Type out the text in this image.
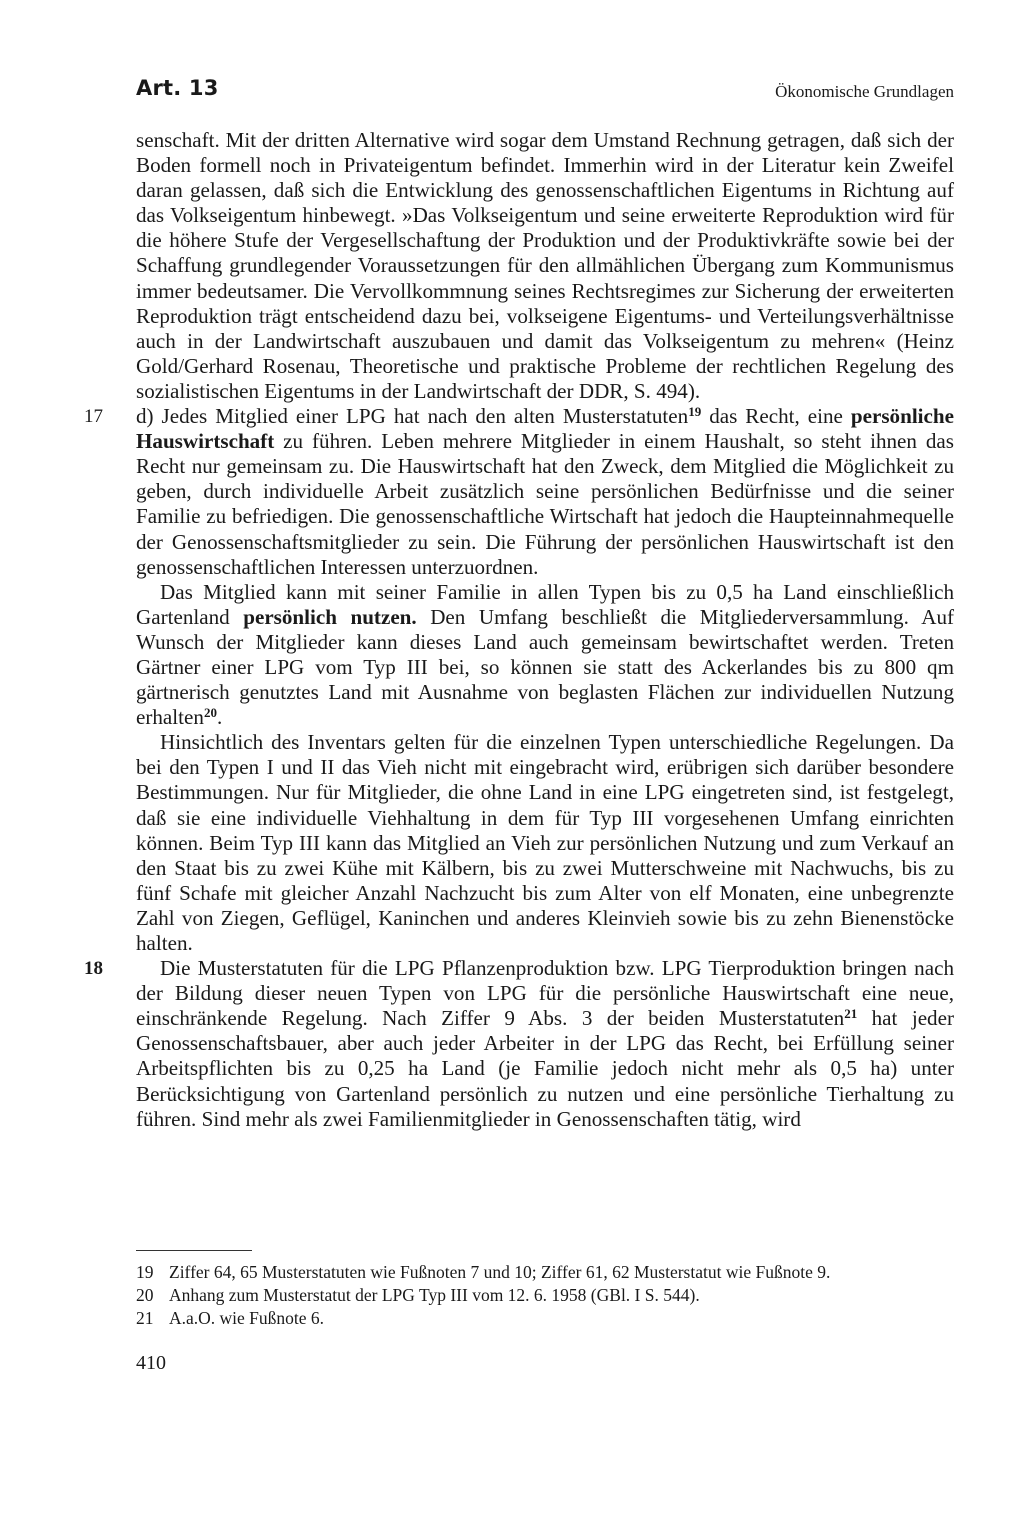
Art. 13	Ökonomische Grundlagen

senschaft. Mit der dritten Alternative wird sogar dem Umstand Rechnung getragen, daß sich der Boden formell noch in Privateigentum befindet. Immerhin wird in der Literatur kein Zweifel daran gelassen, daß sich die Entwicklung des genossenschaftlichen Eigentums in Richtung auf das Volkseigentum hinbewegt. »Das Volkseigentum und seine erweiterte Reproduktion wird für die höhere Stufe der Vergesellschaftung der Produktion und der Produktivkräfte sowie bei der Schaffung grundlegender Voraussetzungen für den allmählichen Übergang zum Kommunismus immer bedeutsamer. Die Vervollkommnung seines Rechtsregimes zur Sicherung der erweiterten Reproduktion trägt entscheidend dazu bei, volkseigene Eigentums- und Verteilungsverhältnisse auch in der Landwirtschaft auszubauen und damit das Volkseigentum zu mehren« (Heinz Gold/Gerhard Rosenau, Theoretische und praktische Probleme der rechtlichen Regelung des sozialistischen Eigentums in der Landwirtschaft der DDR, S. 494).

17 d) Jedes Mitglied einer LPG hat nach den alten Musterstatuten$^{19}$ das Recht, eine persönliche Hauswirtschaft zu führen. Leben mehrere Mitglieder in einem Haushalt, so steht ihnen das Recht nur gemeinsam zu. Die Hauswirtschaft hat den Zweck, dem Mitglied die Möglichkeit zu geben, durch individuelle Arbeit zusätzlich seine persönlichen Bedürfnisse und die seiner Familie zu befriedigen. Die genossenschaftliche Wirtschaft hat jedoch die Haupteinnahmequelle der Genossenschaftsmitglieder zu sein. Die Führung der persönlichen Hauswirtschaft ist den genossenschaftlichen Interessen unterzuordnen.

Das Mitglied kann mit seiner Familie in allen Typen bis zu 0,5 ha Land einschließlich Gartenland persönlich nutzen. Den Umfang beschließt die Mitgliederversammlung. Auf Wunsch der Mitglieder kann dieses Land auch gemeinsam bewirtschaftet werden. Treten Gärtner einer LPG vom Typ III bei, so können sie statt des Ackerlandes bis zu 800 qm gärtnerisch genutztes Land mit Ausnahme von beglasten Flächen zur individuellen Nutzung erhalten$^{20}$.

Hinsichtlich des Inventars gelten für die einzelnen Typen unterschiedliche Regelungen. Da bei den Typen I und II das Vieh nicht mit eingebracht wird, erübrigen sich darüber besondere Bestimmungen. Nur für Mitglieder, die ohne Land in eine LPG eingetreten sind, ist festgelegt, daß sie eine individuelle Viehhaltung in dem für Typ III vorgesehenen Umfang einrichten können. Beim Typ III kann das Mitglied an Vieh zur persönlichen Nutzung und zum Verkauf an den Staat bis zu zwei Kühe mit Kälbern, bis zu zwei Mutterschweine mit Nachwuchs, bis zu fünf Schafe mit gleicher Anzahl Nachzucht bis zum Alter von elf Monaten, eine unbegrenzte Zahl von Ziegen, Geflügel, Kaninchen und anderes Kleinvieh sowie bis zu zehn Bienenstöcke halten.

18	Die Musterstatuten für die LPG Pflanzenproduktion bzw. LPG Tierproduktion bringen nach der Bildung dieser neuen Typen von LPG für die persönliche Hauswirtschaft eine neue, einschränkende Regelung. Nach Ziffer 9 Abs. 3 der beiden Musterstatuten$^{21}$ hat jeder Genossenschaftsbauer, aber auch jeder Arbeiter in der LPG das Recht, bei Erfüllung seiner Arbeitspflichten bis zu 0,25 ha Land (je Familie jedoch nicht mehr als 0,5 ha) unter Berücksichtigung von Gartenland persönlich zu nutzen und eine persönliche Tierhaltung zu führen. Sind mehr als zwei Familienmitglieder in Genossenschaften tätig, wird

19 Ziffer 64, 65 Musterstatuten wie Fußnoten 7 und 10; Ziffer 61, 62 Musterstatut wie Fußnote 9.

20 Anhang zum Musterstatut der LPG Typ III vom 12. 6. 1958 (GBl. I S. 544).

21 A.a.O. wie Fußnote 6.

410
